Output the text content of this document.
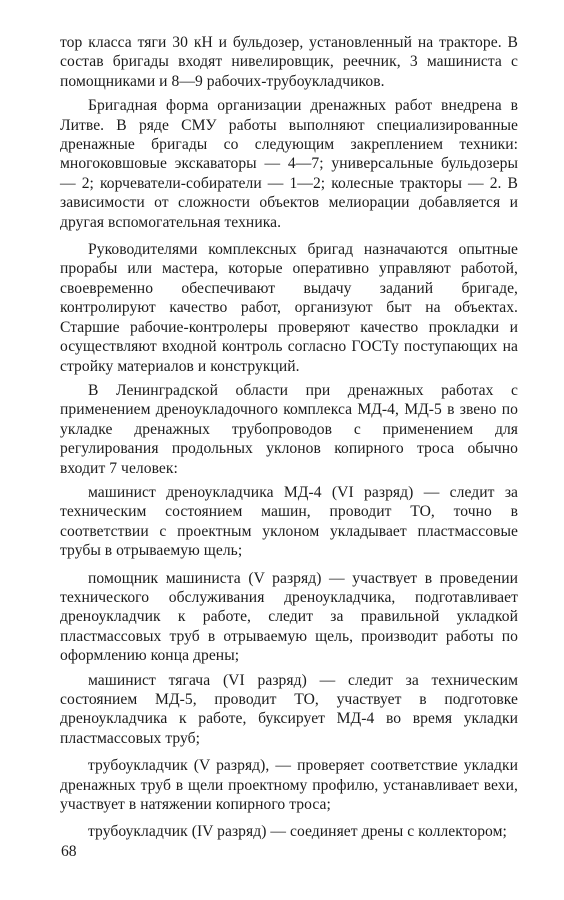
тор класса тяги 30 кН и бульдозер, установленный на тракторе. В состав бригады входят нивелировщик, реечник, 3 машиниста с помощниками и 8—9 рабочих-трубоукладчиков.

Бригадная форма организации дренажных работ внедрена в Литве. В ряде СМУ работы выполняют специализированные дренажные бригады со следующим закреплением техники: многоковшовые экскаваторы — 4—7; универсальные бульдозеры — 2; корчеватели-собиратели — 1—2; колесные тракторы — 2. В зависимости от сложности объектов мелиорации добавляется и другая вспомогательная техника.

Руководителями комплексных бригад назначаются опытные прорабы или мастера, которые оперативно управляют работой, своевременно обеспечивают выдачу заданий бригаде, контролируют качество работ, организуют быт на объектах. Старшие рабочие-контролеры проверяют качество прокладки и осуществляют входной контроль согласно ГОСТу поступающих на стройку материалов и конструкций.

В Ленинградской области при дренажных работах с применением дреноукладочного комплекса МД-4, МД-5 в звено по укладке дренажных трубопроводов с применением для регулирования продольных уклонов копирного троса обычно входит 7 человек:

машинист дреноукладчика МД-4 (VI разряд) — следит за техническим состоянием машин, проводит ТО, точно в соответствии с проектным уклоном укладывает пластмассовые трубы в отрываемую щель;

помощник машиниста (V разряд) — участвует в проведении технического обслуживания дреноукладчика, подготавливает дреноукладчик к работе, следит за правильной укладкой пластмассовых труб в отрываемую щель, производит работы по оформлению конца дрены;

машинист тягача (VI разряд) — следит за техническим состоянием МД-5, проводит ТО, участвует в подготовке дреноукладчика к работе, буксирует МД-4 во время укладки пластмассовых труб;

трубоукладчик (V разряд), — проверяет соответствие укладки дренажных труб в щели проектному профилю, устанавливает вехи, участвует в натяжении копирного троса;

трубоукладчик (IV разряд) — соединяет дрены с коллектором;

68
